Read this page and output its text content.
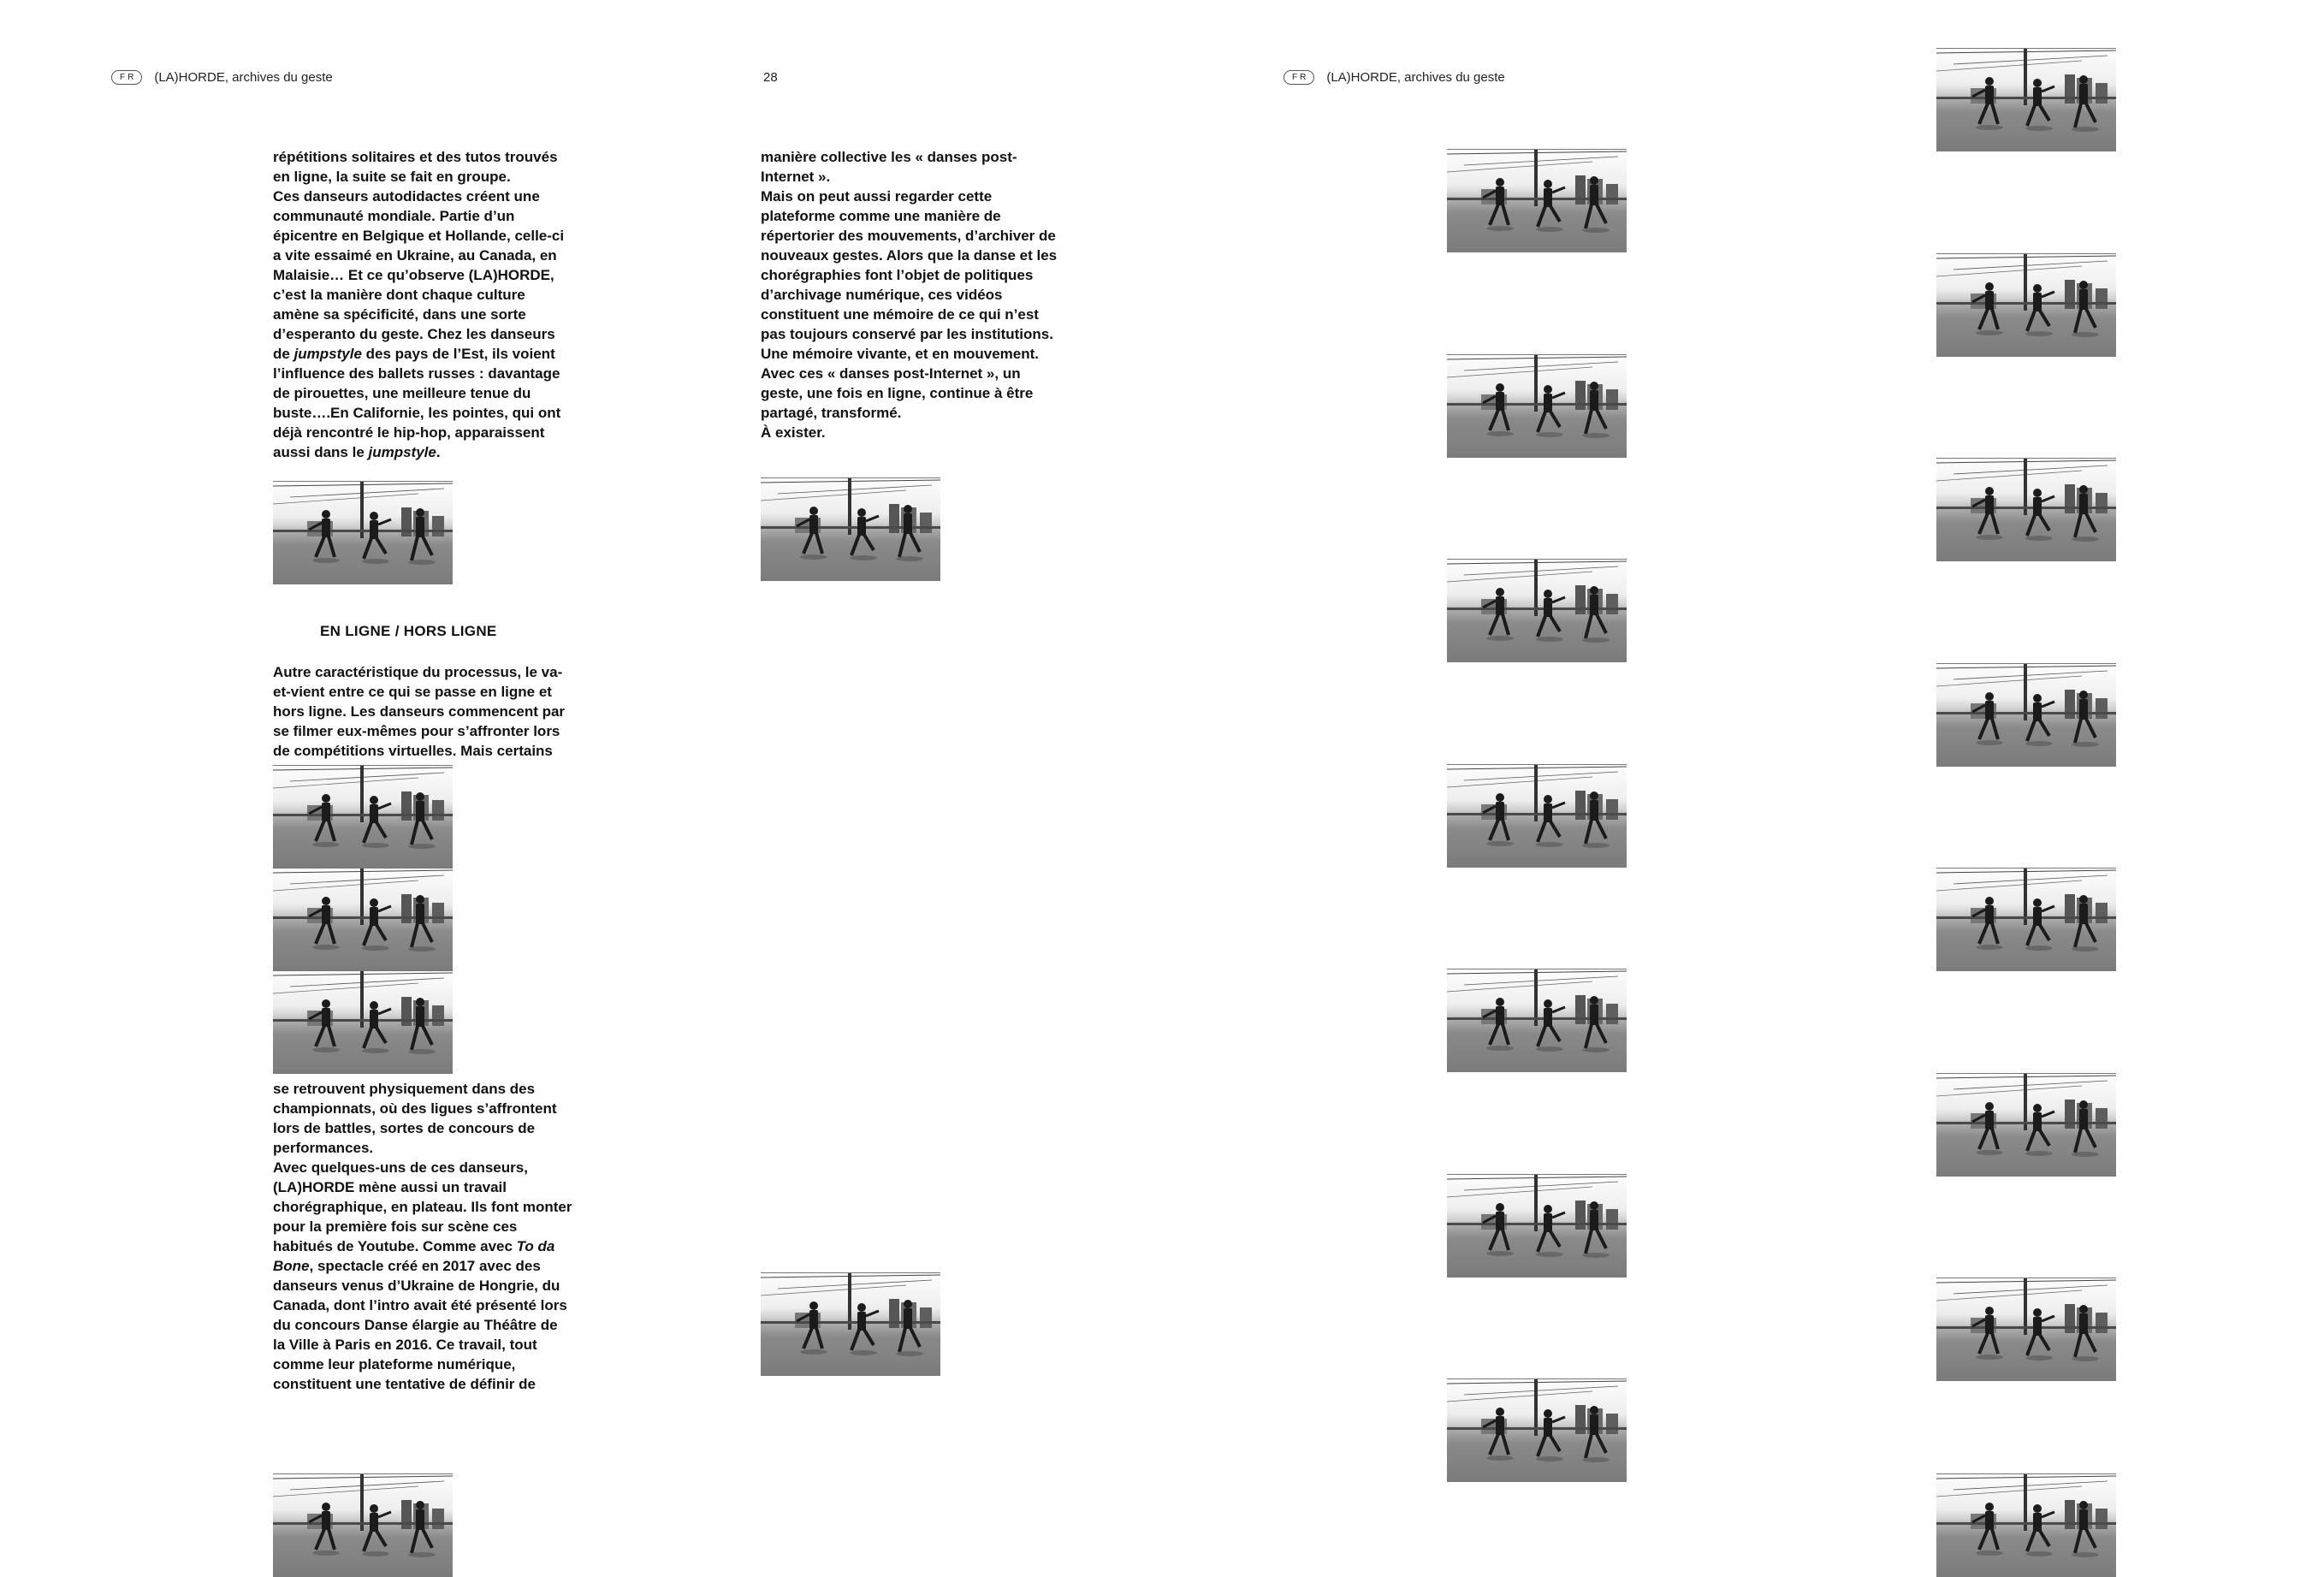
FR	(LA)HORDE, archives du geste	28	FR	(LA)HORDE, archives du geste

répétitions solitaires et des tutos trouvés en ligne, la suite se fait en groupe.

Ces danseurs autodidactes créent une communauté mondiale. Partie d’un épicentre en Belgique et Hollande, celle-ci a vite essaimé en Ukraine, au Canada, en Malaisie… Et ce qu’observe (LA)HORDE, c’est la manière dont chaque culture amène sa spécificité, dans une sorte d’esperanto du geste. Chez les danseurs de jumpstyle des pays de l’Est, ils voient l’influence des ballets russes : davantage de pirouettes, une meilleure tenue du buste….En Californie, les pointes, qui ont déjà rencontré le hip-hop, apparaissent aussi dans le jumpstyle.

EN LIGNE / HORS LIGNE

Autre caractéristique du processus, le va-et-vient entre ce qui se passe en ligne et hors ligne. Les danseurs commencent par se filmer eux-mêmes pour s’affronter lors de compétitions virtuelles. Mais certains

se retrouvent physiquement dans des championnats, où des ligues s’affrontent lors de battles, sortes de concours de performances.

Avec quelques-uns de ces danseurs, (LA)HORDE mène aussi un travail chorégraphique, en plateau. Ils font monter pour la première fois sur scène ces habitués de Youtube. Comme avec To da Bone, spectacle créé en 2017 avec des danseurs venus d’Ukraine de Hongrie, du Canada, dont l’intro avait été présenté lors du concours Danse élargie au Théâtre de la Ville à Paris en 2016. Ce travail, tout comme leur plateforme numérique, constituent une tentative de définir de

manière collective les « danses post-Internet ».

Mais on peut aussi regarder cette plateforme comme une manière de répertorier des mouvements, d’archiver de nouveaux gestes. Alors que la danse et les chorégraphies font l’objet de politiques d’archivage numérique, ces vidéos constituent une mémoire de ce qui n’est pas toujours conservé par les institutions. Une mémoire vivante, et en mouvement. Avec ces « danses post-Internet », un geste, une fois en ligne, continue à être partagé, transformé.

À exister.
